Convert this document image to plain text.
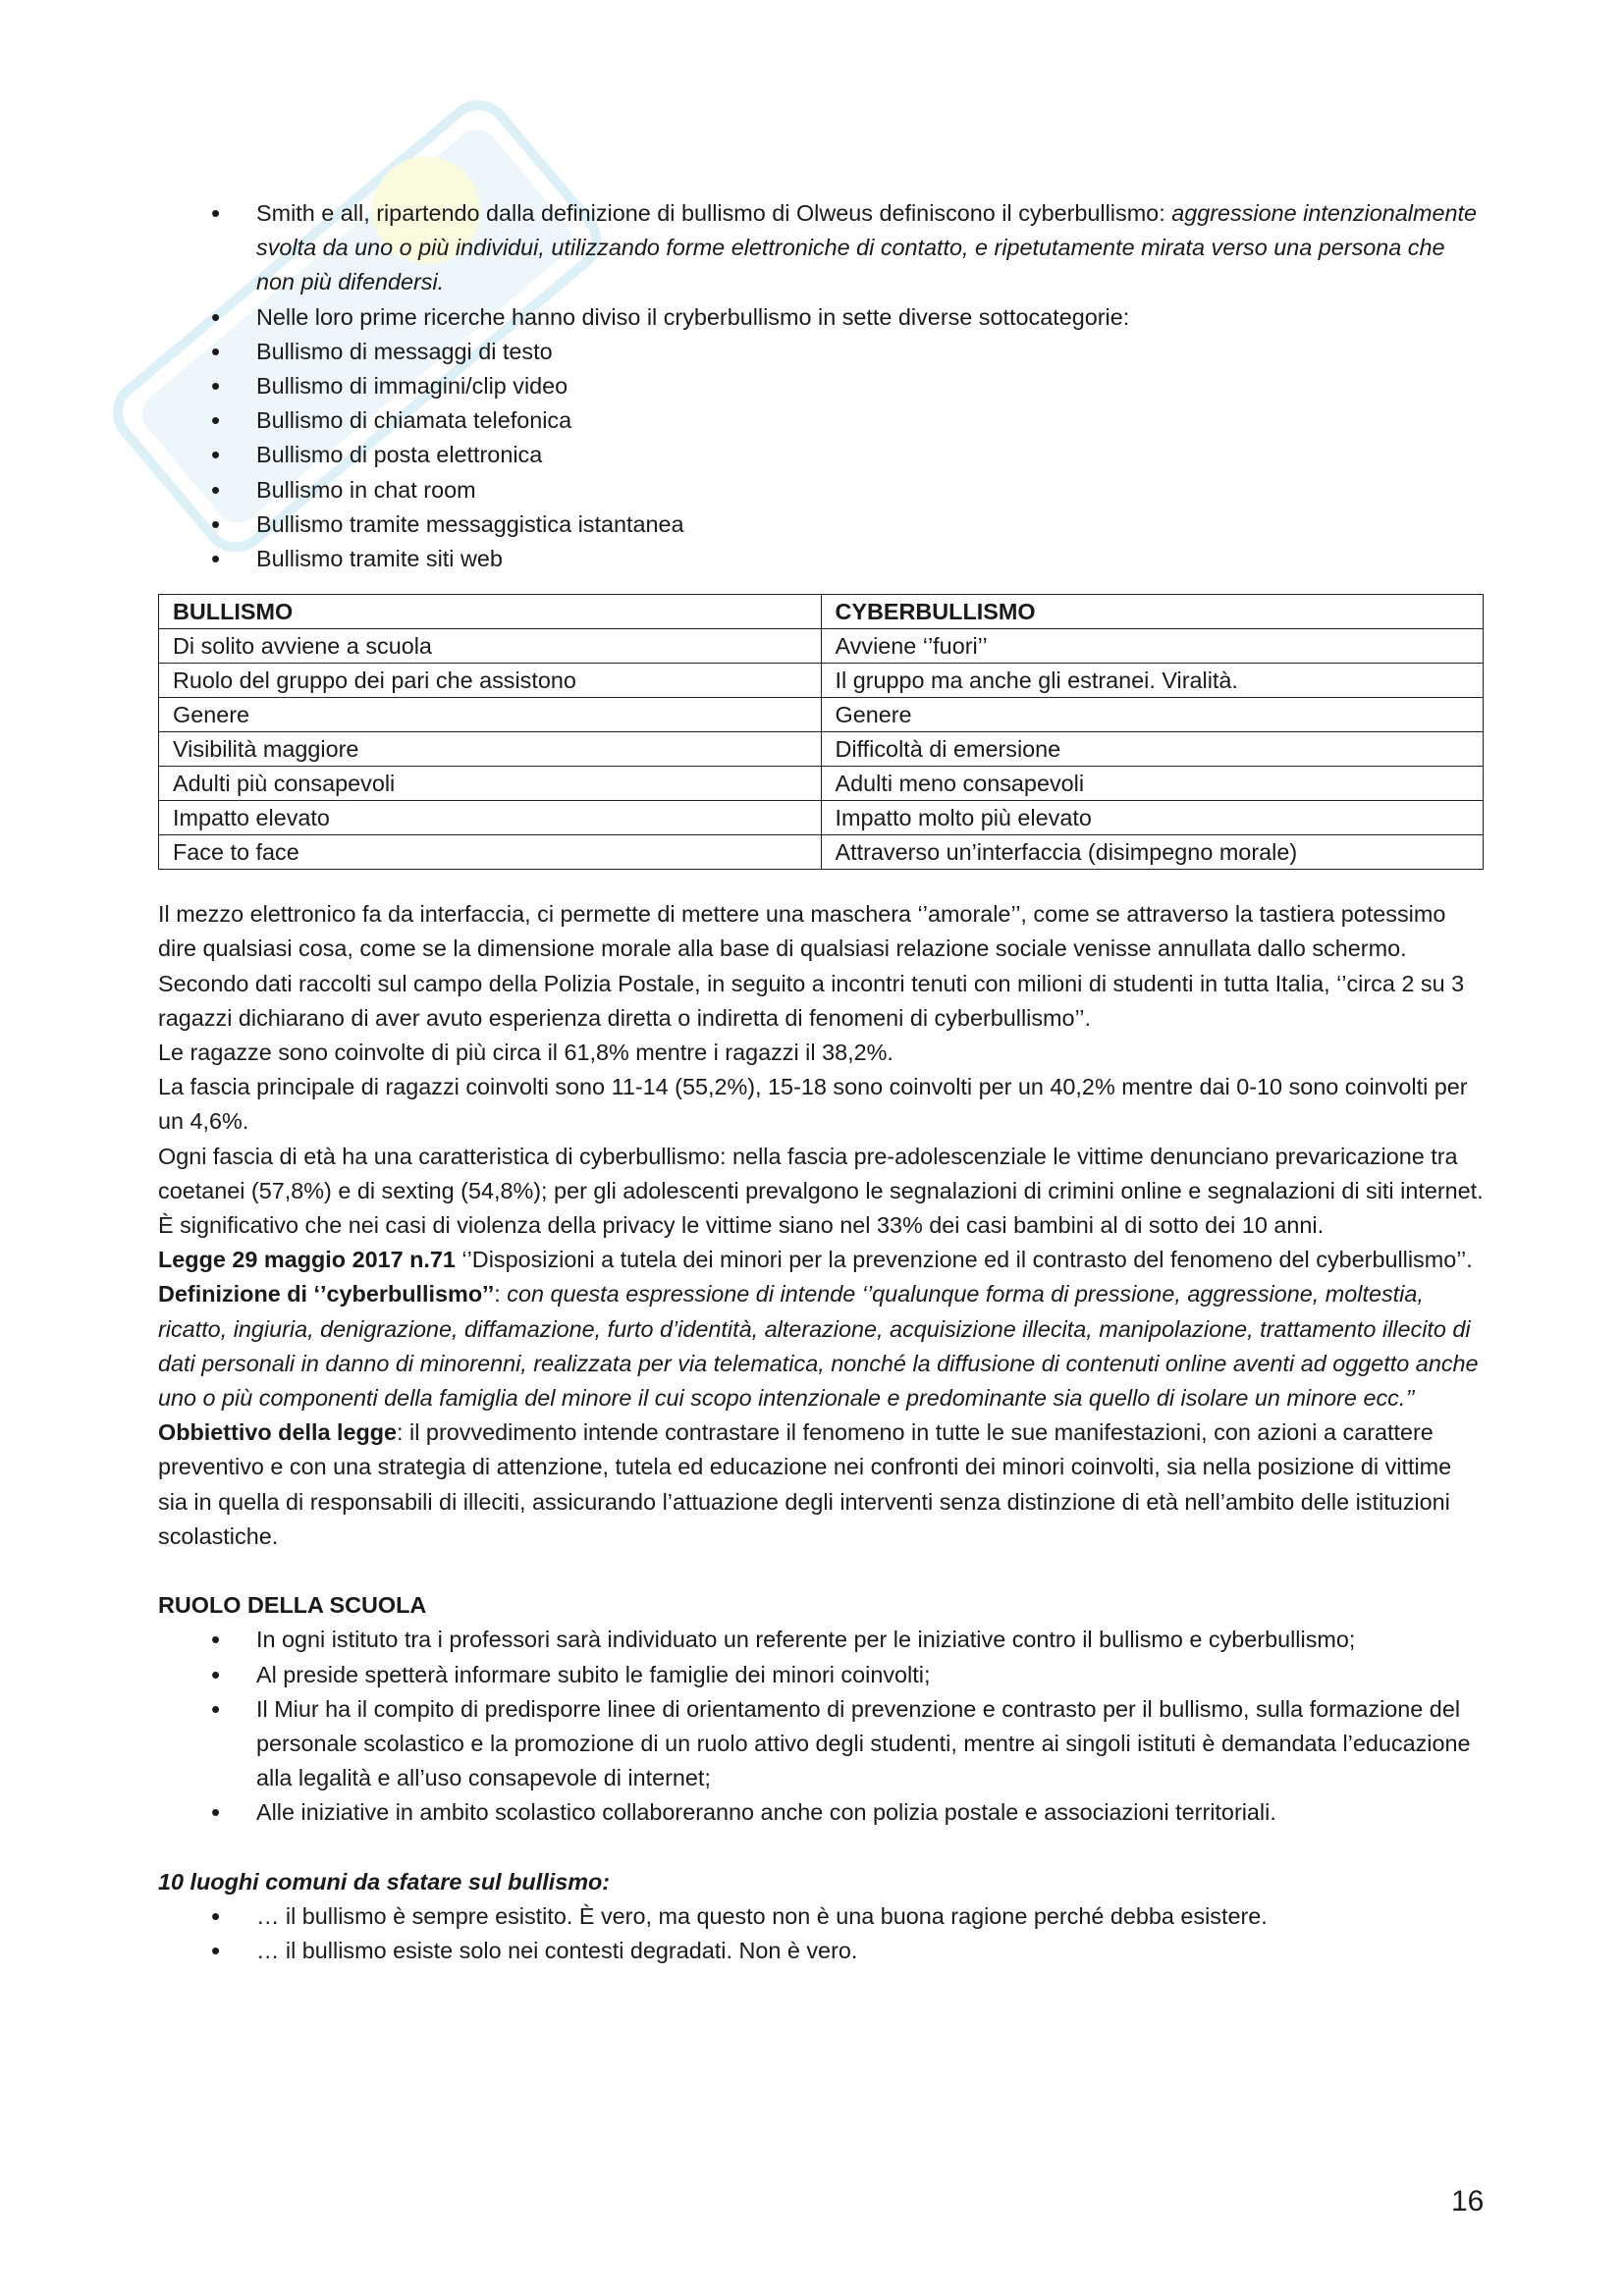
• Smith e all, ripartendo dalla definizione di bullismo di Olweus definiscono il cyberbullismo: aggressione intenzionalmente svolta da uno o più individui, utilizzando forme elettroniche di contatto, e ripetutamente mirata verso una persona che non più difendersi.
• Nelle loro prime ricerche hanno diviso il cryberbullismo in sette diverse sottocategorie:
• Bullismo di messaggi di testo
• Bullismo di immagini/clip video
• Bullismo di chiamata telefonica
• Bullismo di posta elettronica
• Bullismo in chat room
• Bullismo tramite messaggistica istantanea
• Bullismo tramite siti web
BULLISMO	CYBERBULLISMO
Di solito avviene a scuola	Avviene ‘’fuori’’
Ruolo del gruppo dei pari che assistono	Il gruppo ma anche gli estranei. Viralità.
Genere	Genere
Visibilità maggiore	Difficoltà di emersione
Adulti più consapevoli	Adulti meno consapevoli
Impatto elevato	Impatto molto più elevato
Face to face	Attraverso un’interfaccia (disimpegno morale)

Il mezzo elettronico fa da interfaccia, ci permette di mettere una maschera ‘’amorale’’, come se attraverso la tastiera potessimo dire qualsiasi cosa, come se la dimensione morale alla base di qualsiasi relazione sociale venisse annullata dallo schermo.

Secondo dati raccolti sul campo della Polizia Postale, in seguito a incontri tenuti con milioni di studenti in tutta Italia, ‘’circa 2 su 3 ragazzi dichiarano di aver avuto esperienza diretta o indiretta di fenomeni di cyberbullismo’’.

Le ragazze sono coinvolte di più circa il 61,8% mentre i ragazzi il 38,2%.

La fascia principale di ragazzi coinvolti sono 11-14 (55,2%), 15-18 sono coinvolti per un 40,2% mentre dai 0-10 sono coinvolti per un 4,6%.

Ogni fascia di età ha una caratteristica di cyberbullismo: nella fascia pre-adolescenziale le vittime denunciano prevaricazione tra coetanei (57,8%) e di sexting (54,8%); per gli adolescenti prevalgono le segnalazioni di crimini online e segnalazioni di siti internet. È significativo che nei casi di violenza della privacy le vittime siano nel 33% dei casi bambini al di sotto dei 10 anni.

Legge 29 maggio 2017 n.71 ‘’Disposizioni a tutela dei minori per la prevenzione ed il contrasto del fenomeno del cyberbullismo’’.

Definizione di ‘’cyberbullismo’’: con questa espressione di intende ‘’qualunque forma di pressione, aggressione, moltestia, ricatto, ingiuria, denigrazione, diffamazione, furto d’identità, alterazione, acquisizione illecita, manipolazione, trattamento illecito di dati personali in danno di minorenni, realizzata per via telematica, nonché la diffusione di contenuti online aventi ad oggetto anche uno o più componenti della famiglia del minore il cui scopo intenzionale e predominante sia quello di isolare un minore ecc.’’

Obbiettivo della legge: il provvedimento intende contrastare il fenomeno in tutte le sue manifestazioni, con azioni a carattere preventivo e con una strategia di attenzione, tutela ed educazione nei confronti dei minori coinvolti, sia nella posizione di vittime sia in quella di responsabili di illeciti, assicurando l’attuazione degli interventi senza distinzione di età nell’ambito delle istituzioni scolastiche.

RUOLO DELLA SCUOLA

• In ogni istituto tra i professori sarà individuato un referente per le iniziative contro il bullismo e cyberbullismo;
• Al preside spetterà informare subito le famiglie dei minori coinvolti;
• Il Miur ha il compito di predisporre linee di orientamento di prevenzione e contrasto per il bullismo, sulla formazione del personale scolastico e la promozione di un ruolo attivo degli studenti, mentre ai singoli istituti è demandata l’educazione alla legalità e all’uso consapevole di internet;
• Alle iniziative in ambito scolastico collaboreranno anche con polizia postale e associazioni territoriali.

10 luoghi comuni da sfatare sul bullismo:

• … il bullismo è sempre esistito. È vero, ma questo non è una buona ragione perché debba esistere.
• … il bullismo esiste solo nei contesti degradati. Non è vero.
16
